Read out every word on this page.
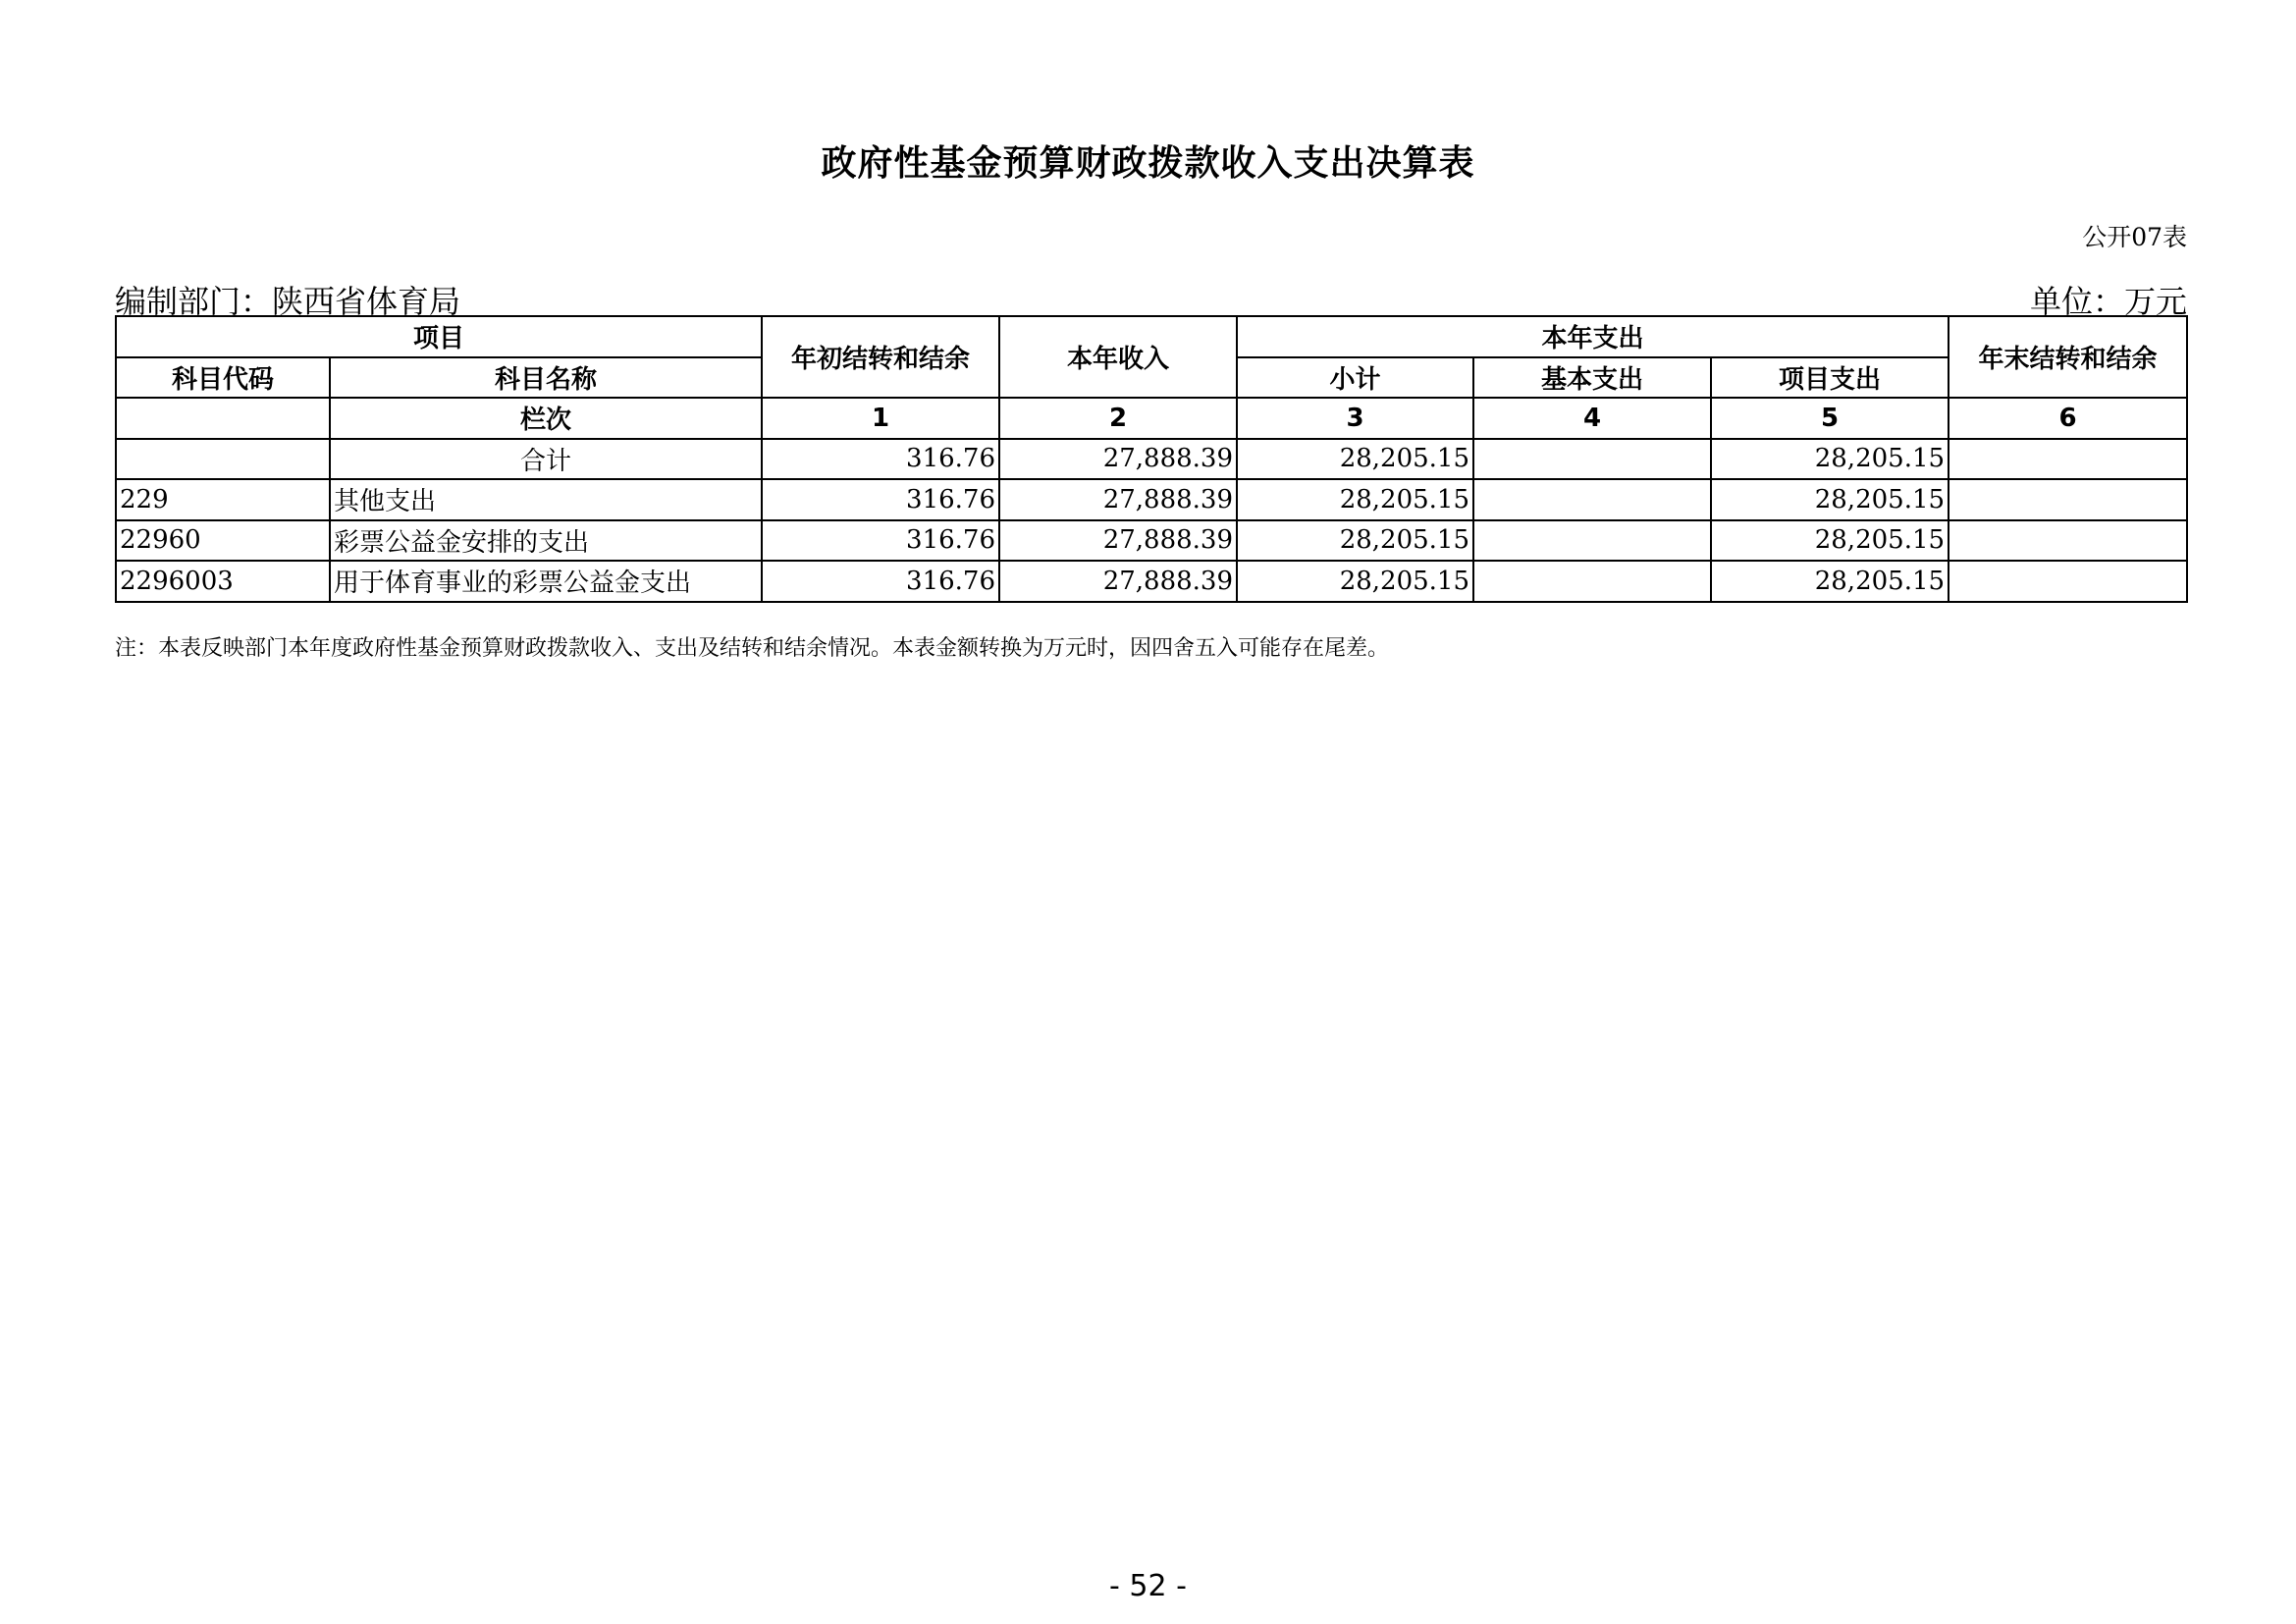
政府性基金预算财政拨款收入支出决算表
公开07表
编制部门：陕西省体育局	单位：万元
项目		年初结转和结余	本年收入	本年支出			年末结转和结余
科目代码	科目名称			小计	基本支出	项目支出	
	栏次	1	2	3	4	5	6
	合计	316.76	27,888.39	28,205.15		28,205.15	
229	其他支出	316.76	27,888.39	28,205.15		28,205.15	
22960	彩票公益金安排的支出	316.76	27,888.39	28,205.15		28,205.15	
2296003	用于体育事业的彩票公益金支出	316.76	27,888.39	28,205.15		28,205.15	
注：本表反映部门本年度政府性基金预算财政拨款收入、支出及结转和结余情况。本表金额转换为万元时，因四舍五入可能存在尾差。
- 52 -
